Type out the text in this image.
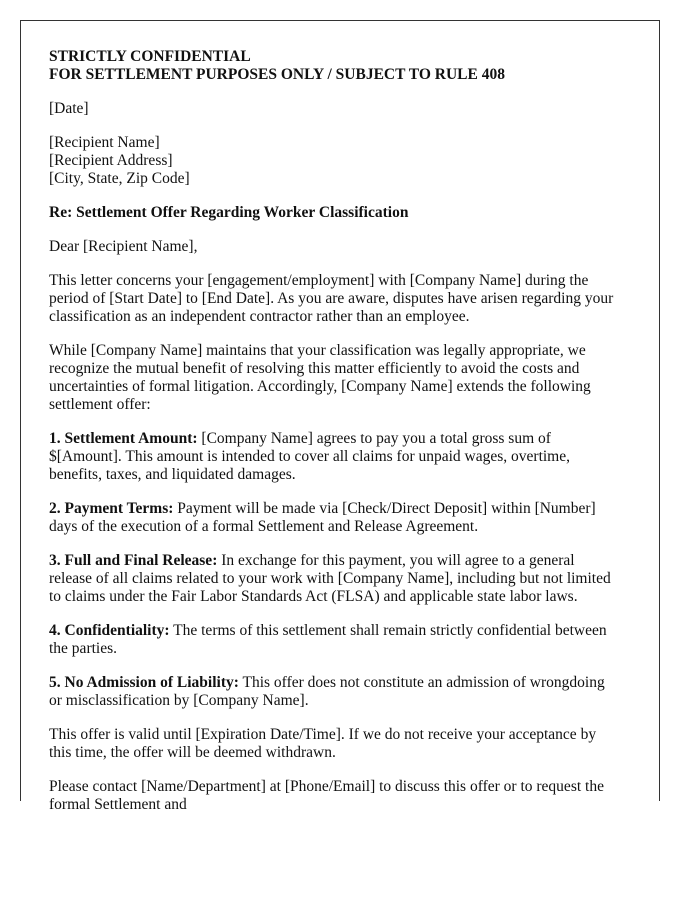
STRICTLY CONFIDENTIAL
FOR SETTLEMENT PURPOSES ONLY / SUBJECT TO RULE 408

[Date]

[Recipient Name]
[Recipient Address]
[City, State, Zip Code]

Re: Settlement Offer Regarding Worker Classification

Dear [Recipient Name],

This letter concerns your [engagement/employment] with [Company Name] during the
period of [Start Date] to [End Date]. As you are aware, disputes have arisen regarding your
classification as an independent contractor rather than an employee.

While [Company Name] maintains that your classification was legally appropriate, we
recognize the mutual benefit of resolving this matter efficiently to avoid the costs and
uncertainties of formal litigation. Accordingly, [Company Name] extends the following
settlement offer:

1. Settlement Amount: [Company Name] agrees to pay you a total gross sum of
$[Amount]. This amount is intended to cover all claims for unpaid wages, overtime,
benefits, taxes, and liquidated damages.

2. Payment Terms: Payment will be made via [Check/Direct Deposit] within [Number]
days of the execution of a formal Settlement and Release Agreement.

3. Full and Final Release: In exchange for this payment, you will agree to a general
release of all claims related to your work with [Company Name], including but not limited
to claims under the Fair Labor Standards Act (FLSA) and applicable state labor laws.

4. Confidentiality: The terms of this settlement shall remain strictly confidential between
the parties.

5. No Admission of Liability: This offer does not constitute an admission of wrongdoing
or misclassification by [Company Name].

This offer is valid until [Expiration Date/Time]. If we do not receive your acceptance by
this time, the offer will be deemed withdrawn.

Please contact [Name/Department] at [Phone/Email] to discuss this offer or to request the
formal Settlement and
